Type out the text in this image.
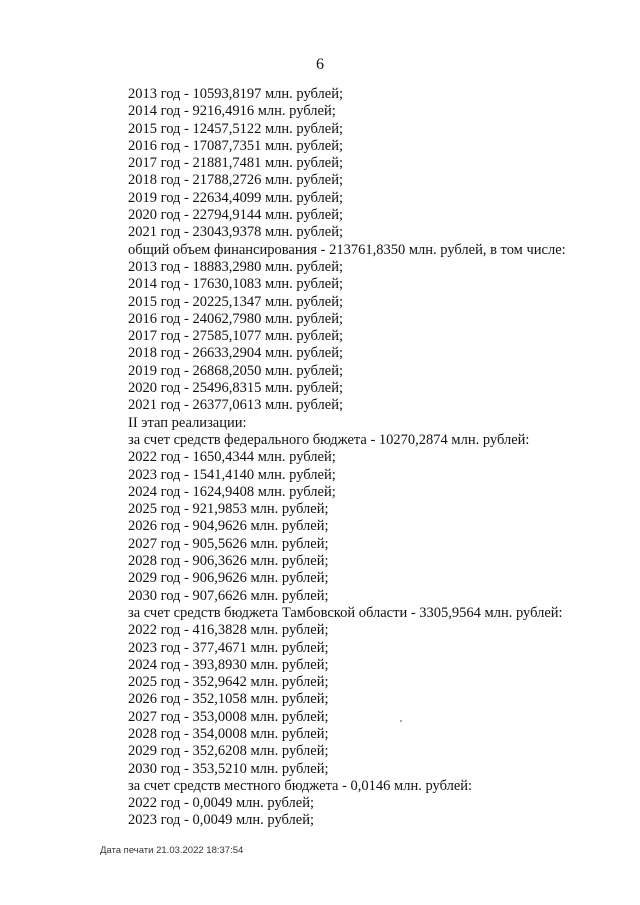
6
2013 год - 10593,8197 млн. рублей;
2014 год - 9216,4916 млн. рублей;
2015 год - 12457,5122 млн. рублей;
2016 год - 17087,7351 млн. рублей;
2017 год - 21881,7481 млн. рублей;
2018 год - 21788,2726 млн. рублей;
2019 год - 22634,4099 млн. рублей;
2020 год - 22794,9144 млн. рублей;
2021 год - 23043,9378 млн. рублей;
общий объем финансирования - 213761,8350 млн. рублей, в том числе:
2013 год - 18883,2980 млн. рублей;
2014 год - 17630,1083 млн. рублей;
2015 год - 20225,1347 млн. рублей;
2016 год - 24062,7980 млн. рублей;
2017 год - 27585,1077 млн. рублей;
2018 год - 26633,2904 млн. рублей;
2019 год - 26868,2050 млн. рублей;
2020 год - 25496,8315 млн. рублей;
2021 год - 26377,0613 млн. рублей;
II этап реализации:
за счет средств федерального бюджета - 10270,2874 млн. рублей:
2022 год - 1650,4344 млн. рублей;
2023 год - 1541,4140 млн. рублей;
2024 год - 1624,9408 млн. рублей;
2025 год - 921,9853 млн. рублей;
2026 год - 904,9626 млн. рублей;
2027 год - 905,5626 млн. рублей;
2028 год - 906,3626 млн. рублей;
2029 год - 906,9626 млн. рублей;
2030 год - 907,6626 млн. рублей;
за счет средств бюджета Тамбовской области - 3305,9564 млн. рублей:
2022 год - 416,3828 млн. рублей;
2023 год - 377,4671 млн. рублей;
2024 год - 393,8930 млн. рублей;
2025 год - 352,9642 млн. рублей;
2026 год - 352,1058 млн. рублей;
2027 год - 353,0008 млн. рублей;
2028 год - 354,0008 млн. рублей;
2029 год - 352,6208 млн. рублей;
2030 год - 353,5210 млн. рублей;
за счет средств местного бюджета - 0,0146 млн. рублей:
2022 год - 0,0049 млн. рублей;
2023 год - 0,0049 млн. рублей;
Дата печати 21.03.2022 18:37:54
